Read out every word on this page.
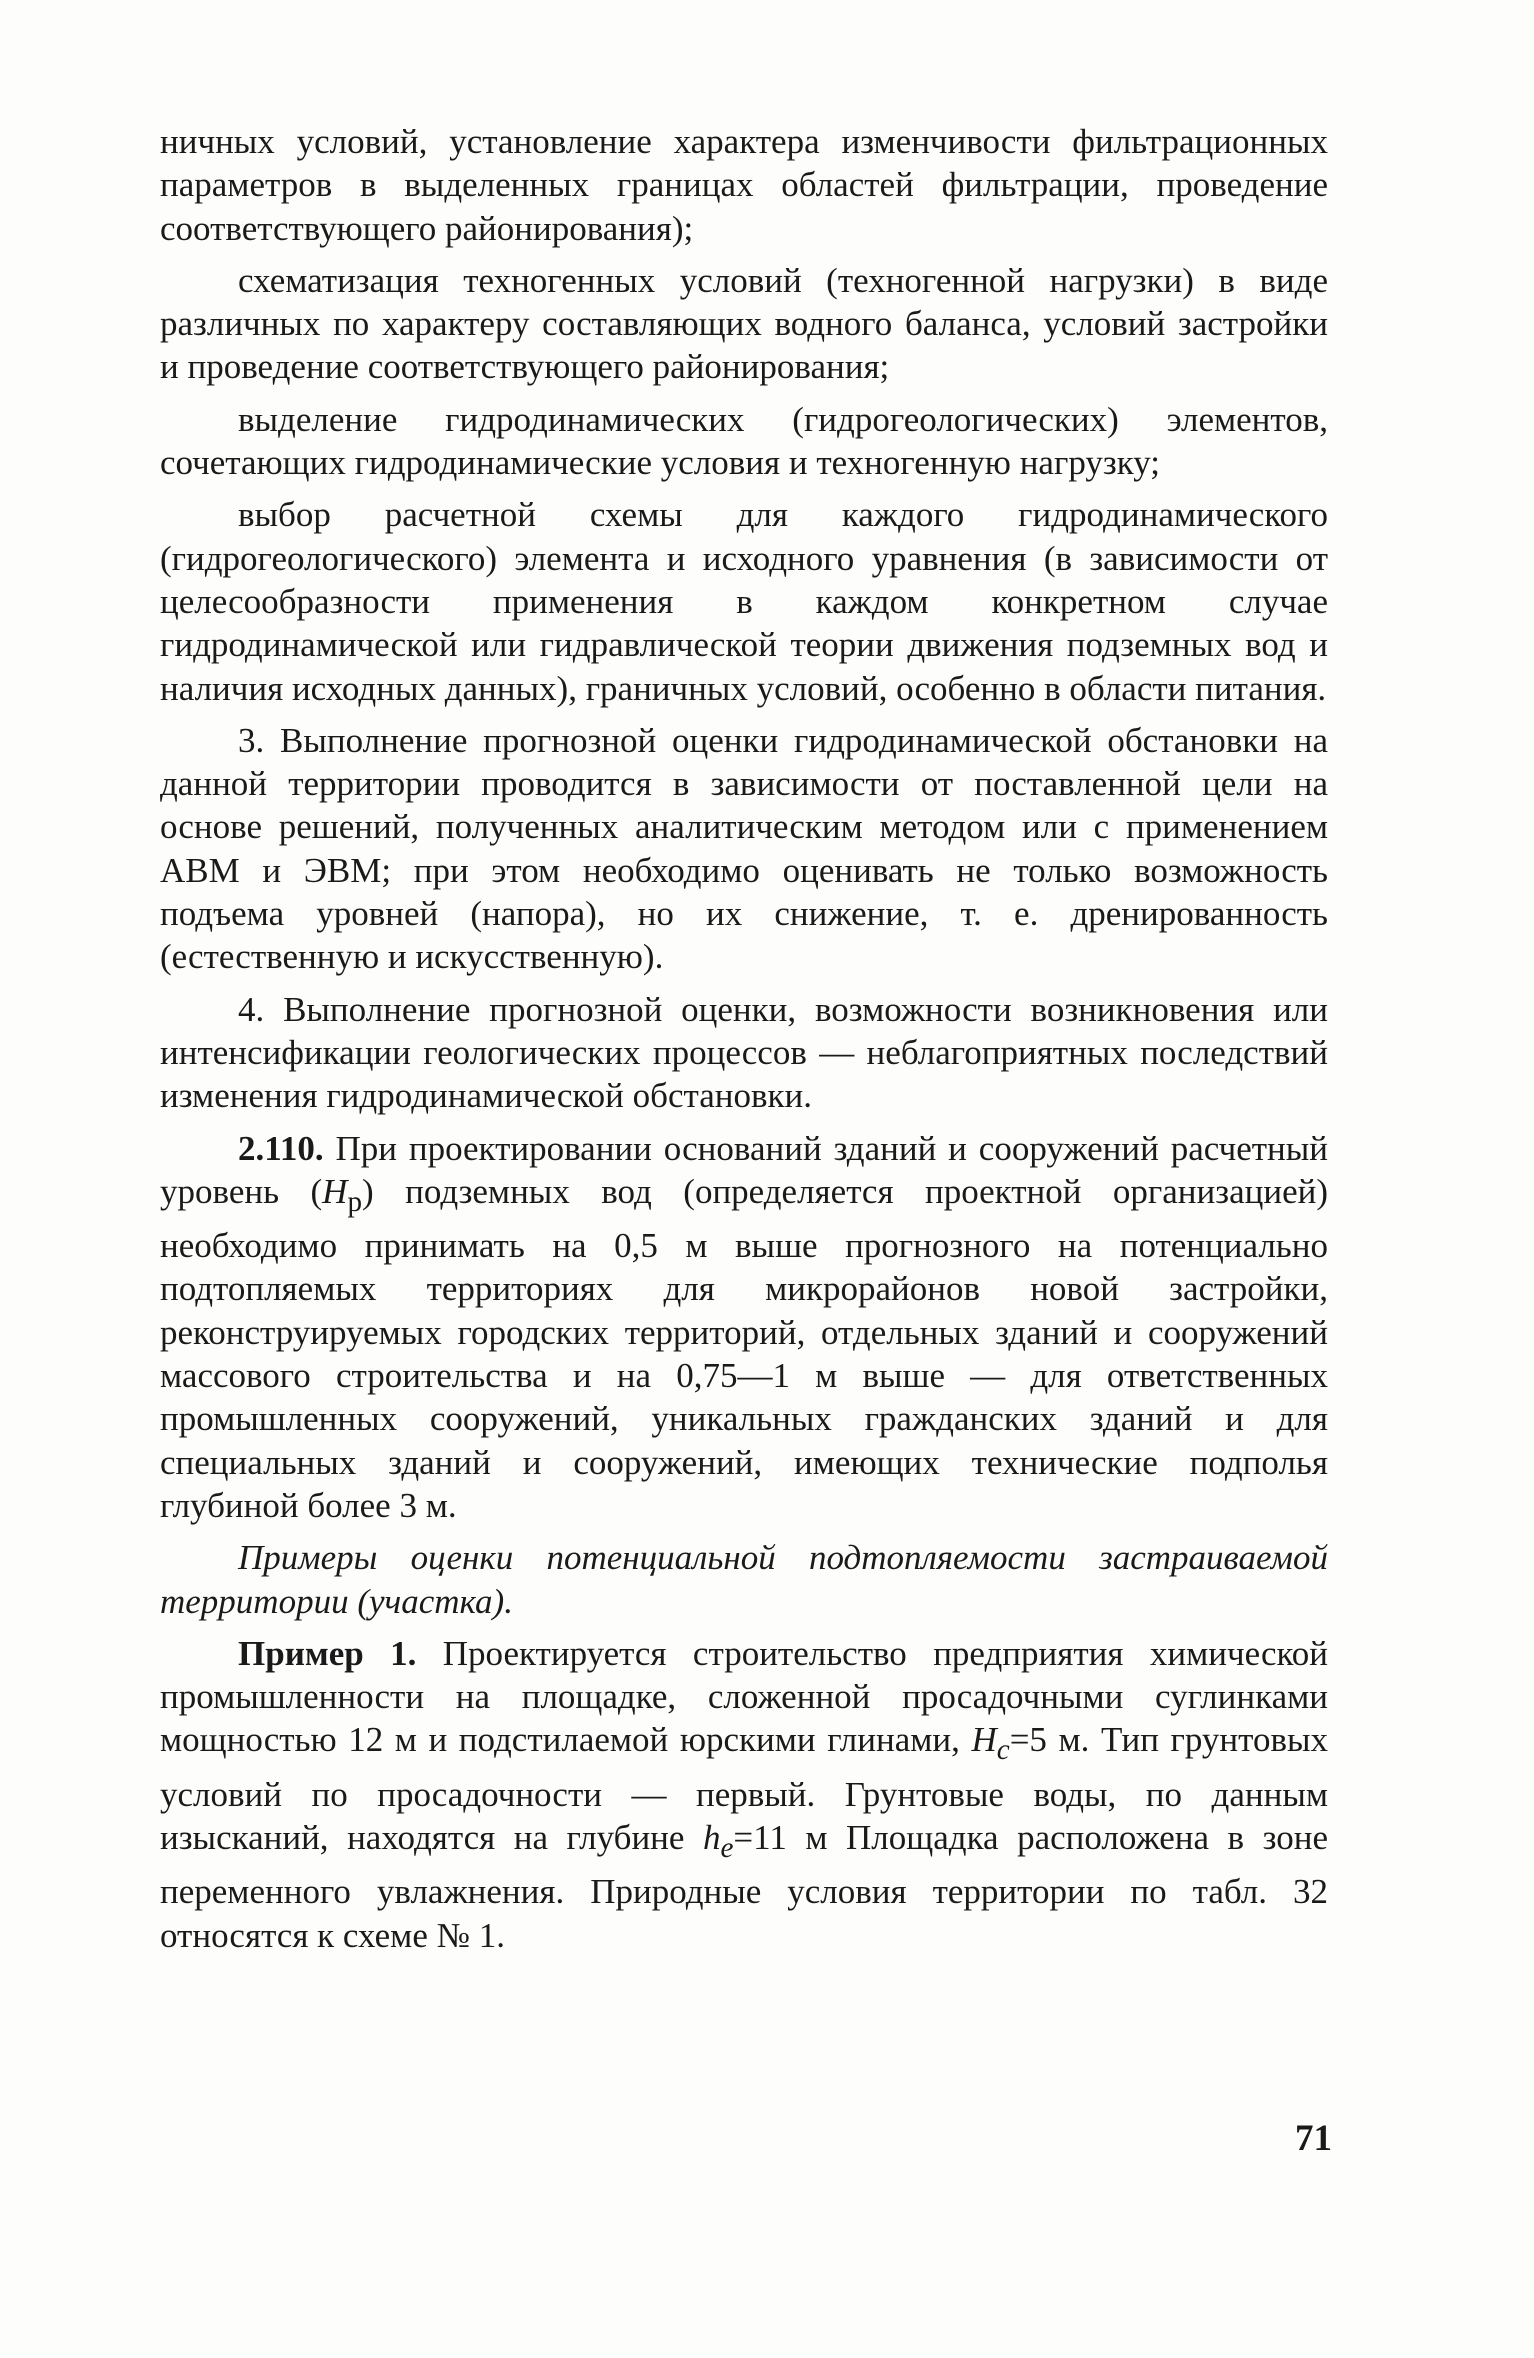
ничных условий, установление характера изменчивости фильтрационных параметров в выделенных границах областей фильтрации, проведение соответствующего районирования);

схематизация техногенных условий (техногенной нагрузки) в виде различных по характеру составляющих водного баланса, условий застройки и проведение соответствующего районирования;

выделение гидродинамических (гидрогеологических) элементов, сочетающих гидродинамические условия и техногенную нагрузку;

выбор расчетной схемы для каждого гидродинамического (гидрогеологического) элемента и исходного уравнения (в зависимости от целесообразности применения в каждом конкретном случае гидродинамической или гидравлической теории движения подземных вод и наличия исходных данных), граничных условий, особенно в области питания.

3. Выполнение прогнозной оценки гидродинамической обстановки на данной территории проводится в зависимости от поставленной цели на основе решений, полученных аналитическим методом или с применением АВМ и ЭВМ; при этом необходимо оценивать не только возможность подъема уровней (напора), но их снижение, т. е. дренированность (естественную и искусственную).

4. Выполнение прогнозной оценки, возможности возникновения или интенсификации геологических процессов — неблагоприятных последствий изменения гидродинамической обстановки.

2.110. При проектировании оснований зданий и сооружений расчетный уровень $(H_р)$ подземных вод (определяется проектной организацией) необходимо принимать на 0,5 м выше прогнозного на потенциально подтопляемых территориях для микрорайонов новой застройки, реконструируемых городских территорий, отдельных зданий и сооружений массового строительства и на 0,75—1 м выше — для ответственных промышленных сооружений, уникальных гражданских зданий и для специальных зданий и сооружений, имеющих технические подполья глубиной более 3 м.

Примеры оценки потенциальной подтопляемости застраиваемой территории (участка).

Пример 1. Проектируется строительство предприятия химической промышленности на площадке, сложенной просадочными суглинками мощностью 12 м и подстилаемой юрскими глинами, $H_с=5$ м. Тип грунтовых условий по просадочности — первый. Грунтовые воды, по данным изысканий, находятся на глубине $h_е=11$ м Площадка расположена в зоне переменного увлажнения. Природные условия территории по табл. 32 относятся к схеме № 1.

71
